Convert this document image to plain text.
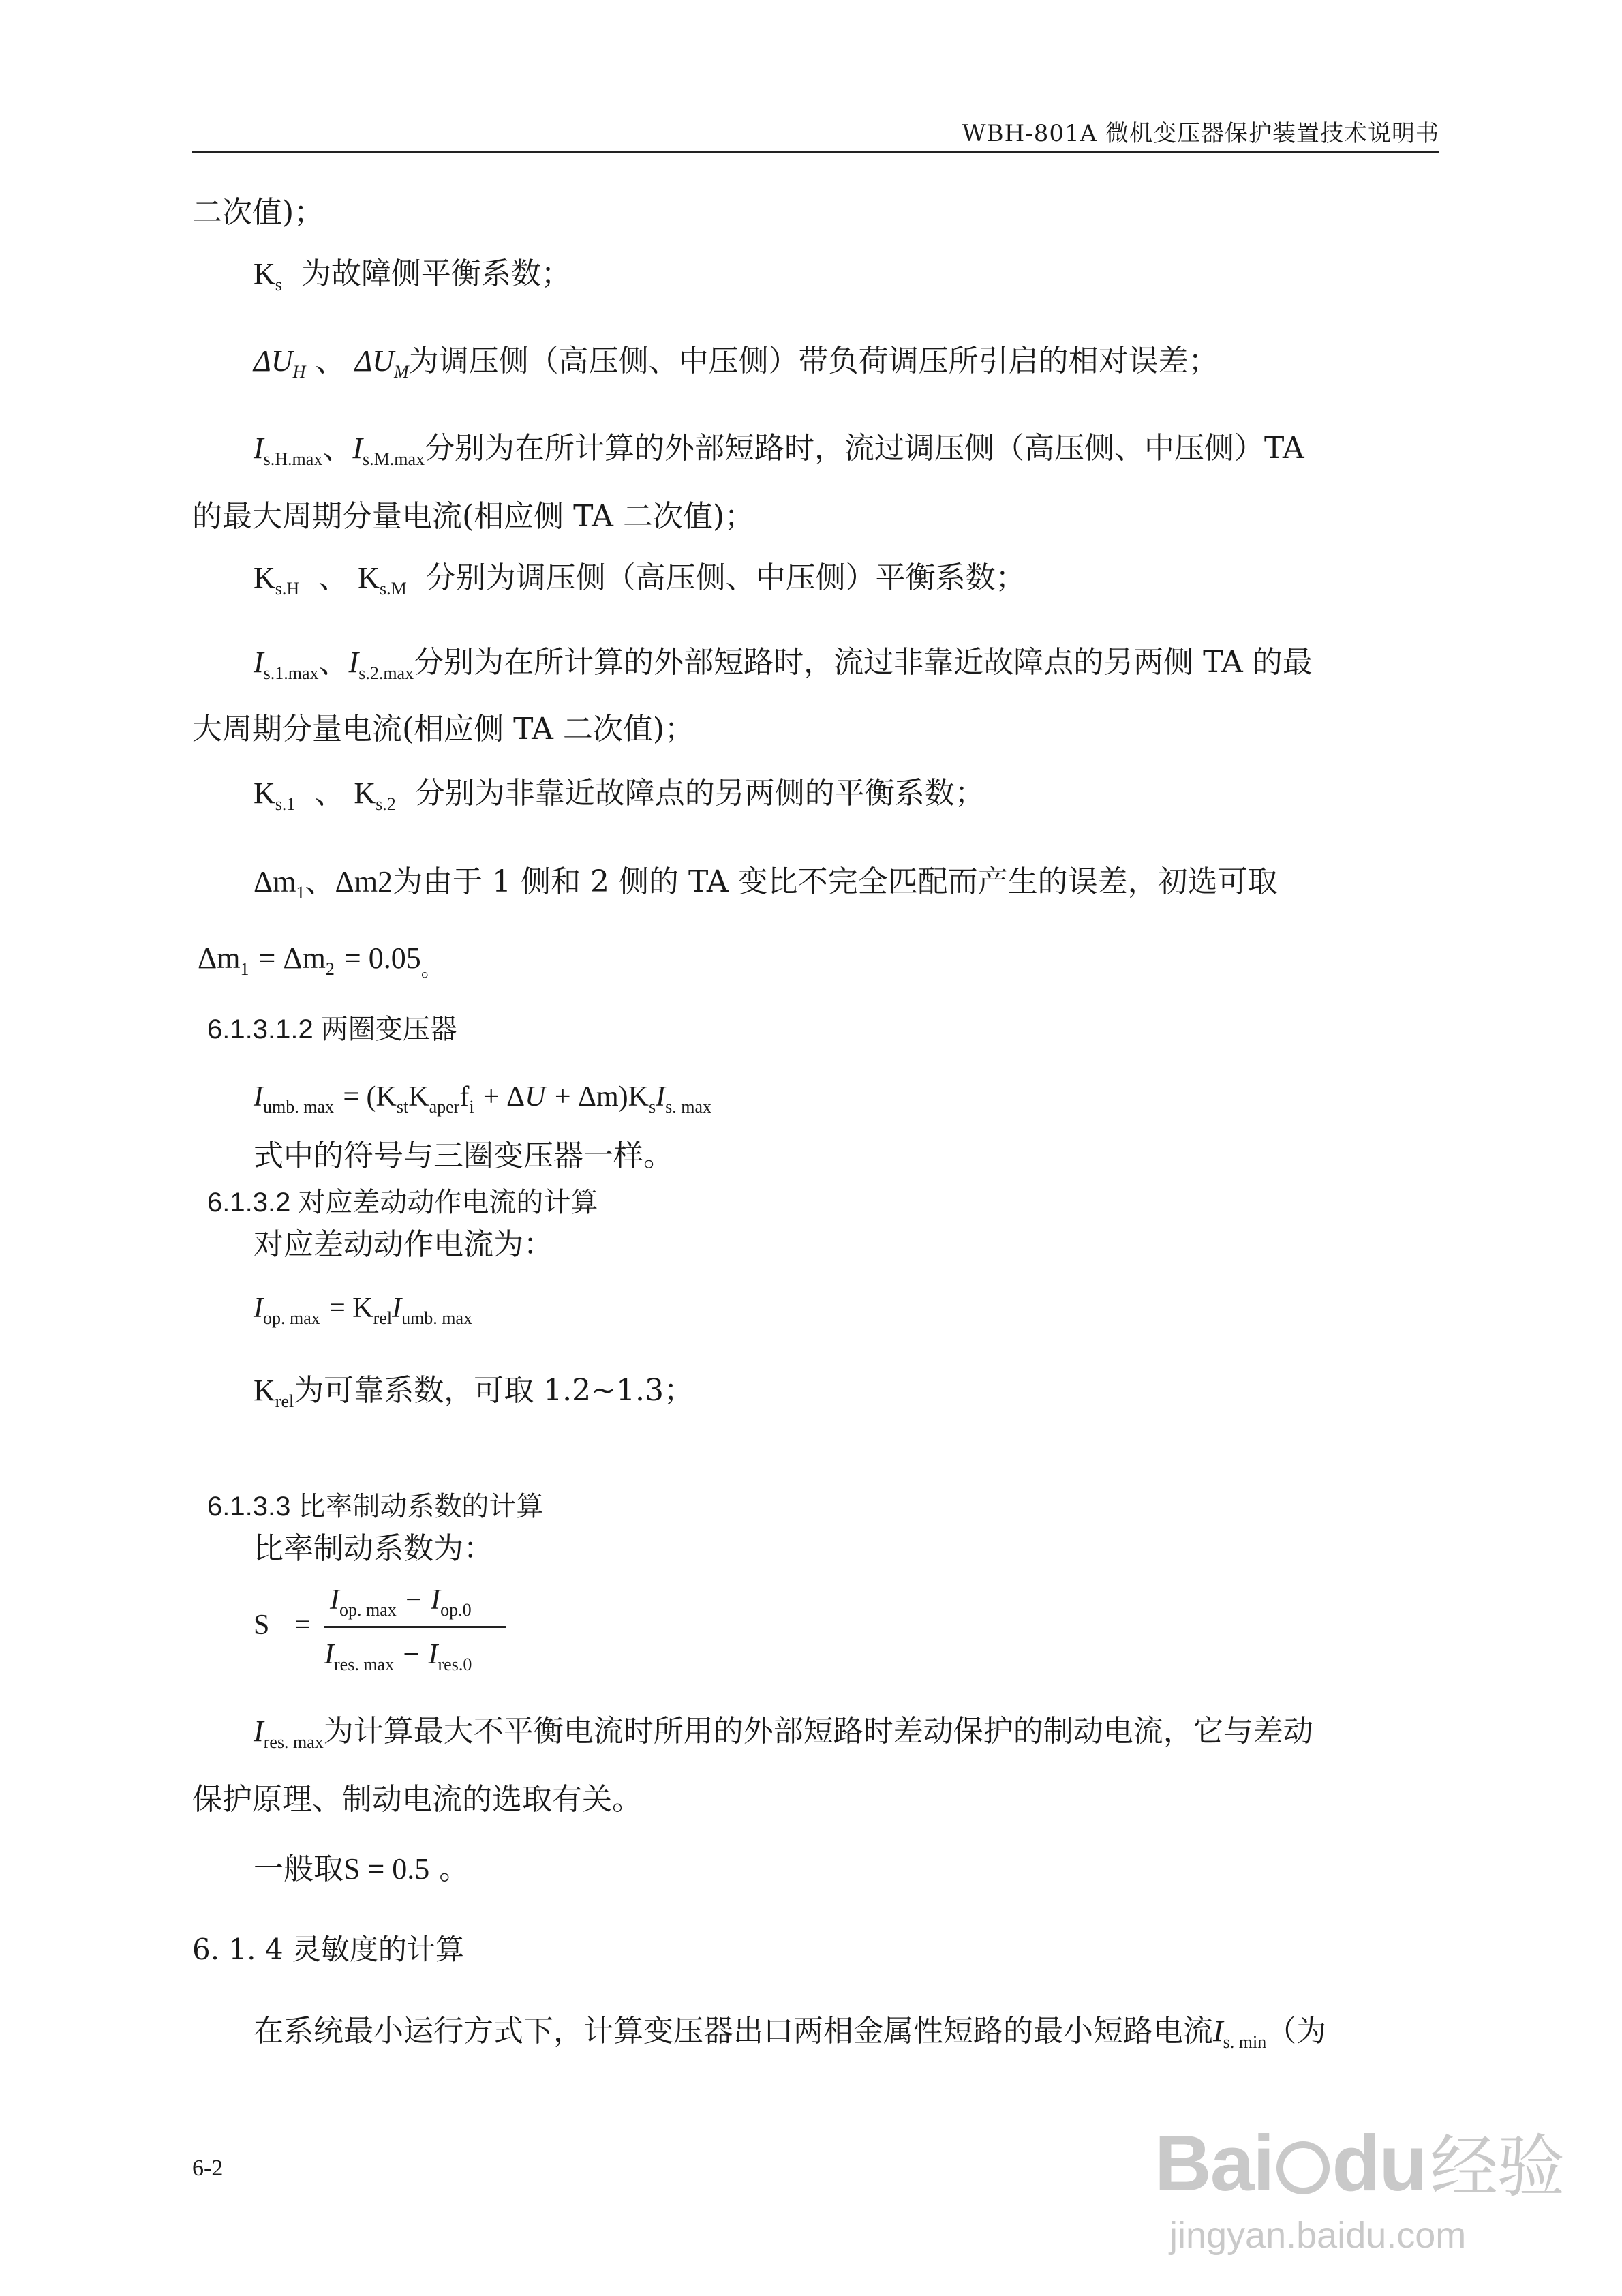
WBH-801A 微机变压器保护装置技术说明书
二次值)；
$K_s$ 为故障侧平衡系数；
$\Delta U_H$ 、 $\Delta U_M$为调压侧（高压侧、中压侧）带负荷调压所引启的相对误差；
$I_{s.H.max}$、$I_{s.M.max}$分别为在所计算的外部短路时，流过调压侧（高压侧、中压侧）TA
的最大周期分量电流(相应侧 TA 二次值)；
$K_{s.H}$ 、 $K_{s.M}$ 分别为调压侧（高压侧、中压侧）平衡系数；
$I_{s.1.max}$、$I_{s.2.max}$分别为在所计算的外部短路时，流过非靠近故障点的另两侧 TA 的最
大周期分量电流(相应侧 TA 二次值)；
$K_{s.1}$ 、 $K_{s.2}$ 分别为非靠近故障点的另两侧的平衡系数；
$\Delta m_1$、Δm2为由于 1 侧和 2 侧的 TA 变比不完全匹配而产生的误差，初选可取
$\Delta m_1 = \Delta m_2 = 0.05_。$
6.1.3.1.2 两圈变压器
$I_{umb. max} = (K_{st}K_{aper}f_i + \Delta U + \Delta m)K_sI_{s. max}$
式中的符号与三圈变压器一样。
6.1.3.2 对应差动动作电流的计算
对应差动动作电流为：
$I_{op. max} = K_{rel}I_{umb. max}$
$K_{rel}$为可靠系数，可取 1.2~1.3；
6.1.3.3 比率制动系数的计算
比率制动系数为：
S =
$I_{op. max} - I_{op.0}$
$I_{res. max} - I_{res.0}$
$I_{res. max}$为计算最大不平衡电流时所用的外部短路时差动保护的制动电流，它与差动
保护原理、制动电流的选取有关。
一般取S = 0.5 。
6. 1. 4 灵敏度的计算
在系统最小运行方式下，计算变压器出口两相金属性短路的最小短路电流$I_{s. min}$（为
6-2	Bai du经验
jingyan.baidu.com
